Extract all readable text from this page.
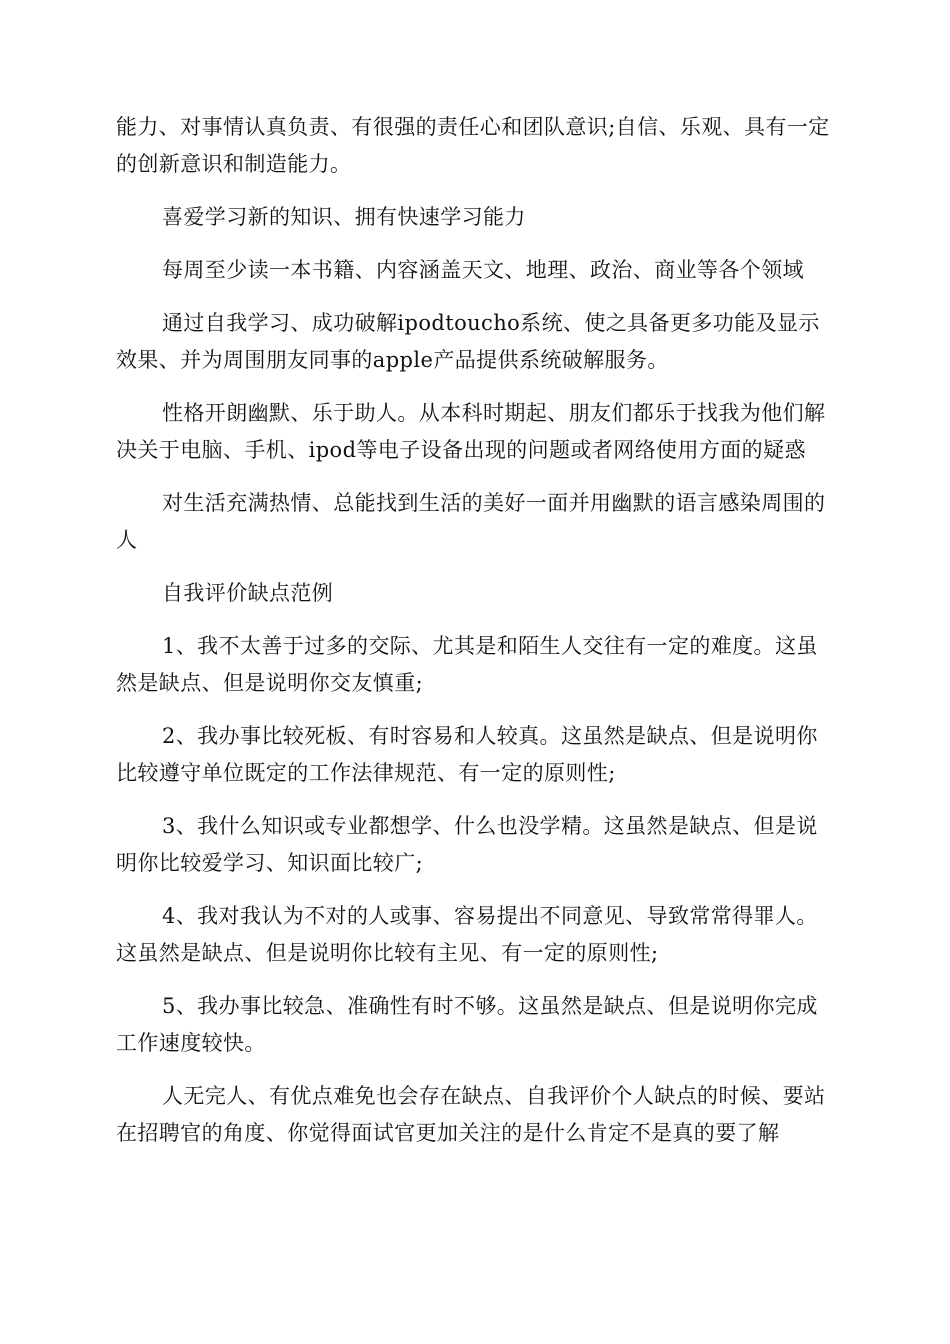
能力、对事情认真负责、有很强的责任心和团队意识;自信、乐观、具有一定的创新意识和制造能力。

喜爱学习新的知识、拥有快速学习能力

每周至少读一本书籍、内容涵盖天文、地理、政治、商业等各个领域

通过自我学习、成功破解ipodtoucho系统、使之具备更多功能及显示效果、并为周围朋友同事的apple产品提供系统破解服务。

性格开朗幽默、乐于助人。从本科时期起、朋友们都乐于找我为他们解决关于电脑、手机、ipod等电子设备出现的问题或者网络使用方面的疑惑

对生活充满热情、总能找到生活的美好一面并用幽默的语言感染周围的人

自我评价缺点范例

1、我不太善于过多的交际、尤其是和陌生人交往有一定的难度。这虽然是缺点、但是说明你交友慎重;

2、我办事比较死板、有时容易和人较真。这虽然是缺点、但是说明你比较遵守单位既定的工作法律规范、有一定的原则性;

3、我什么知识或专业都想学、什么也没学精。这虽然是缺点、但是说明你比较爱学习、知识面比较广;

4、我对我认为不对的人或事、容易提出不同意见、导致常常得罪人。这虽然是缺点、但是说明你比较有主见、有一定的原则性;

5、我办事比较急、准确性有时不够。这虽然是缺点、但是说明你完成工作速度较快。

人无完人、有优点难免也会存在缺点、自我评价个人缺点的时候、要站在招聘官的角度、你觉得面试官更加关注的是什么肯定不是真的要了解
